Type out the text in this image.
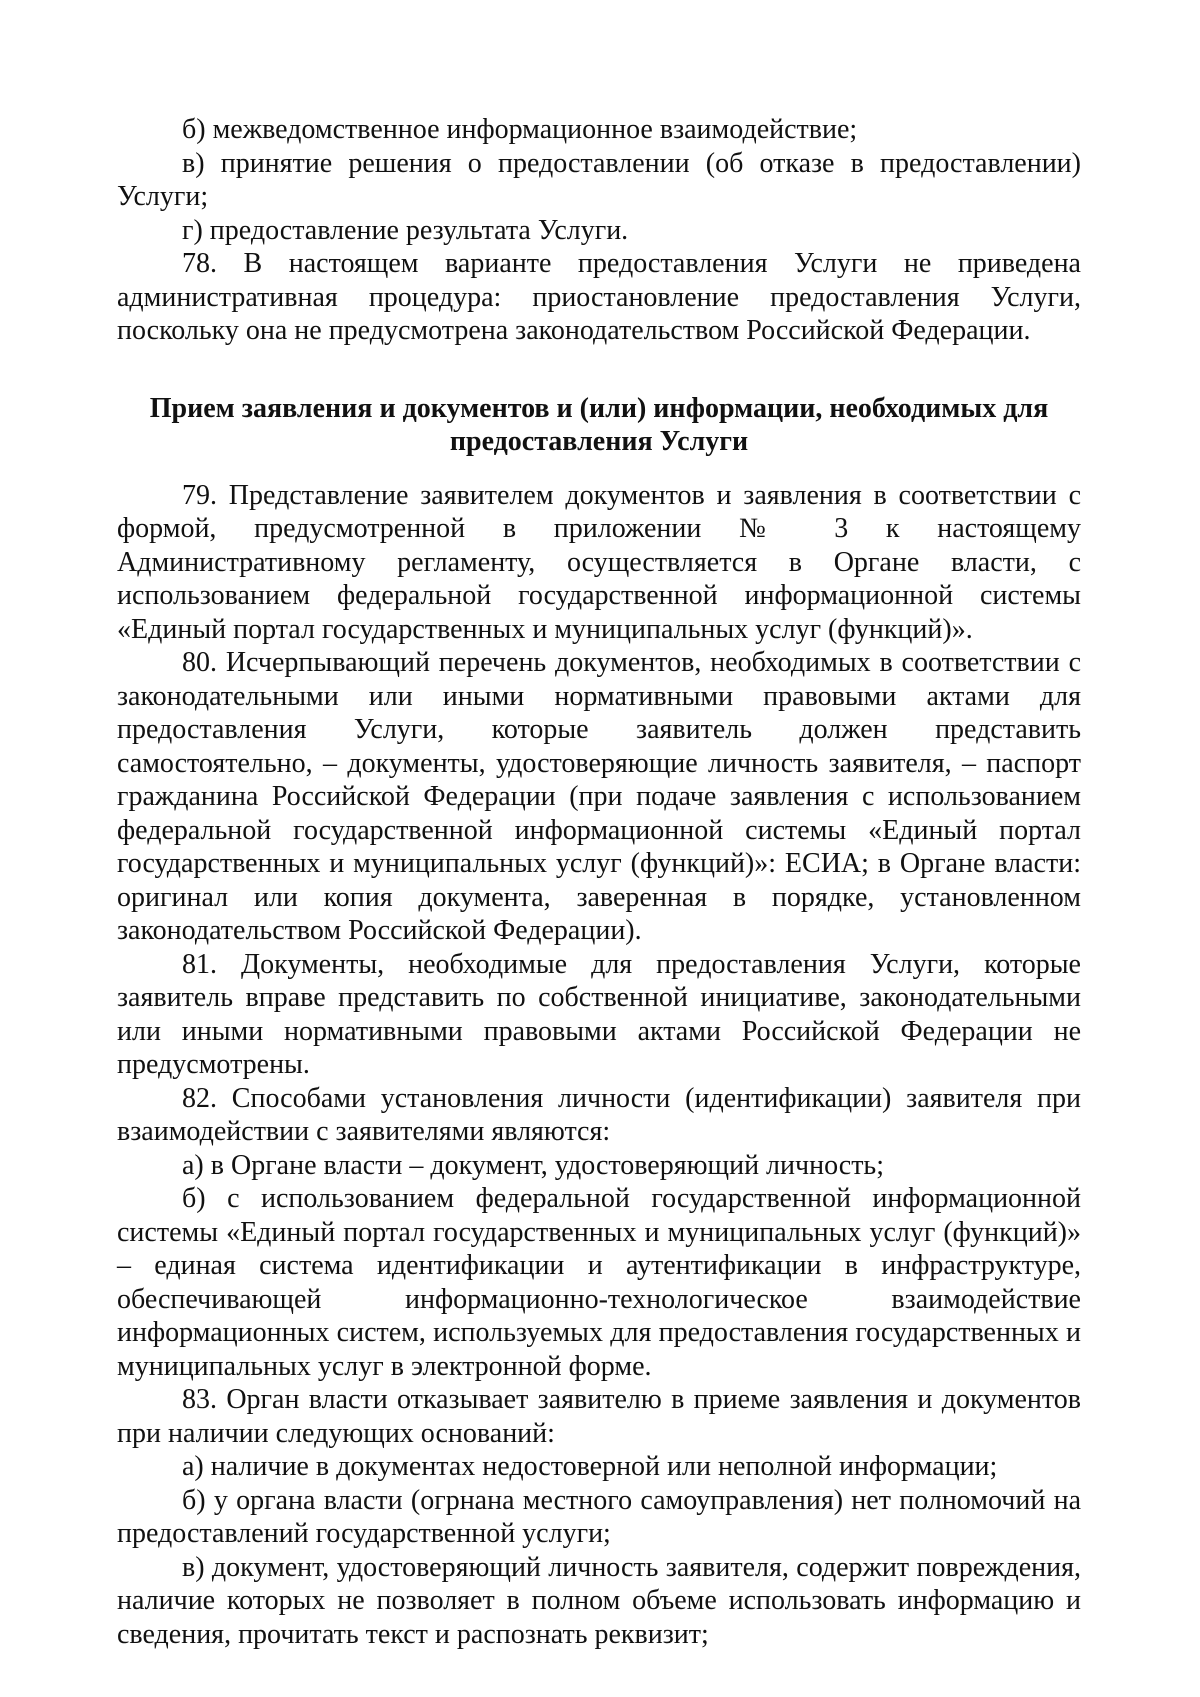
б) межведомственное информационное взаимодействие;

в) принятие решения о предоставлении (об отказе в предоставлении) Услуги;

г) предоставление результата Услуги.

78. В настоящем варианте предоставления Услуги не приведена административная процедура: приостановление предоставления Услуги, поскольку она не предусмотрена законодательством Российской Федерации.

Прием заявления и документов и (или) информации, необходимых для
предоставления Услуги

79. Представление заявителем документов и заявления в соответствии с формой, предусмотренной в приложении № 3 к настоящему Административному регламенту, осуществляется в Органе власти, с использованием федеральной государственной информационной системы «Единый портал государственных и муниципальных услуг (функций)».

80. Исчерпывающий перечень документов, необходимых в соответствии с законодательными или иными нормативными правовыми актами для предоставления Услуги, которые заявитель должен представить самостоятельно, – документы, удостоверяющие личность заявителя, – паспорт гражданина Российской Федерации (при подаче заявления с использованием федеральной государственной информационной системы «Единый портал государственных и муниципальных услуг (функций)»: ЕСИА; в Органе власти: оригинал или копия документа, заверенная в порядке, установленном законодательством Российской Федерации).

81. Документы, необходимые для предоставления Услуги, которые заявитель вправе представить по собственной инициативе, законодательными или иными нормативными правовыми актами Российской Федерации не предусмотрены.

82. Способами установления личности (идентификации) заявителя при взаимодействии с заявителями являются:

а) в Органе власти – документ, удостоверяющий личность;

б) с использованием федеральной государственной информационной системы «Единый портал государственных и муниципальных услуг (функций)» – единая система идентификации и аутентификации в инфраструктуре, обеспечивающей информационно-технологическое взаимодействие информационных систем, используемых для предоставления государственных и муниципальных услуг в электронной форме.

83. Орган власти отказывает заявителю в приеме заявления и документов при наличии следующих оснований:

а) наличие в документах недостоверной или неполной информации;

б) у органа власти (огрнана местного самоуправления) нет полномочий на предоставлений государственной услуги;

в) документ, удостоверяющий личность заявителя, содержит повреждения, наличие которых не позволяет в полном объеме использовать информацию и сведения, прочитать текст и распознать реквизит;
